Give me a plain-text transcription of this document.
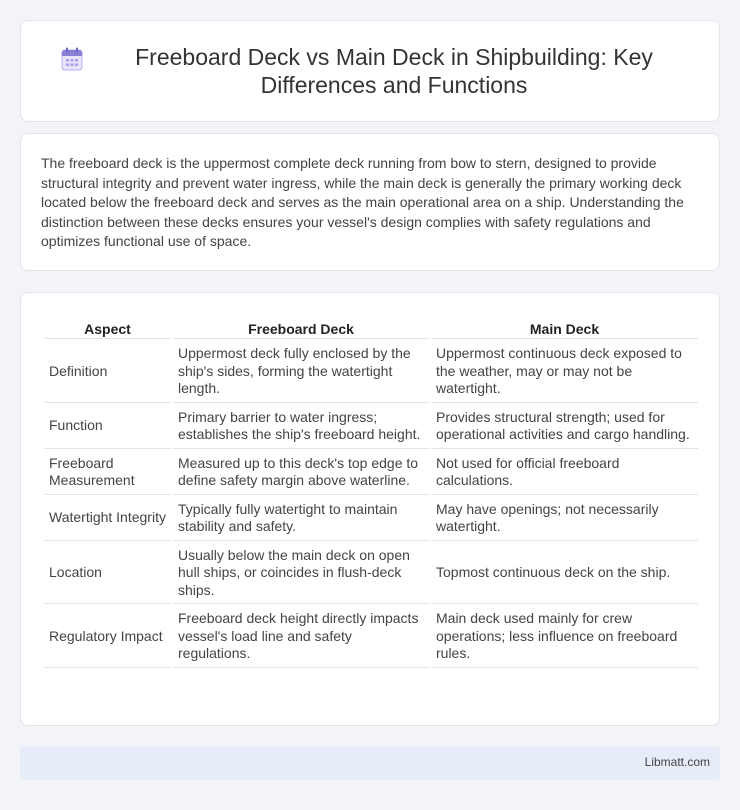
Freeboard Deck vs Main Deck in Shipbuilding: Key Differences and Functions

The freeboard deck is the uppermost complete deck running from bow to stern, designed to provide structural integrity and prevent water ingress, while the main deck is generally the primary working deck located below the freeboard deck and serves as the main operational area on a ship. Understanding the distinction between these decks ensures your vessel's design complies with safety regulations and optimizes functional use of space.

Aspect	Freeboard Deck	Main Deck
Definition	Uppermost deck fully enclosed by the ship's sides, forming the watertight length.	Uppermost continuous deck exposed to the weather, may or may not be watertight.
Function	Primary barrier to water ingress; establishes the ship's freeboard height.	Provides structural strength; used for operational activities and cargo handling.
Freeboard Measurement	Measured up to this deck's top edge to define safety margin above waterline.	Not used for official freeboard calculations.
Watertight Integrity	Typically fully watertight to maintain stability and safety.	May have openings; not necessarily watertight.
Location	Usually below the main deck on open hull ships, or coincides in flush-deck ships.	Topmost continuous deck on the ship.
Regulatory Impact	Freeboard deck height directly impacts vessel's load line and safety regulations.	Main deck used mainly for crew operations; less influence on freeboard rules.
Libmatt.com
